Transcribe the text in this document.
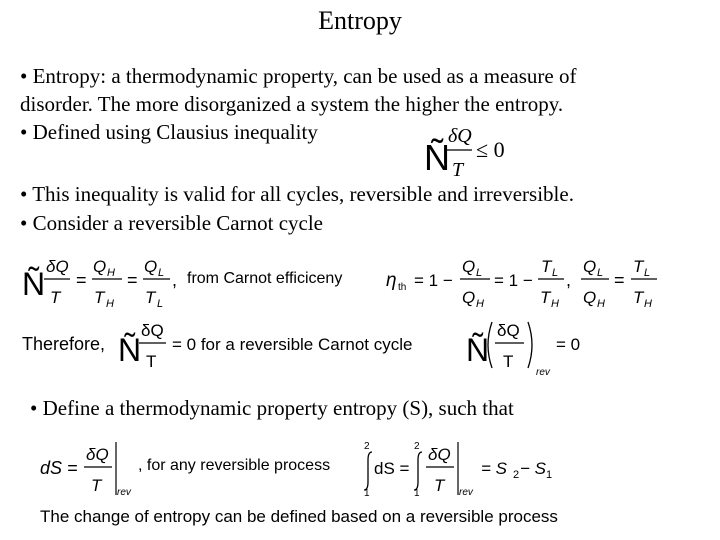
Entropy
• Entropy: a thermodynamic property, can be used as a measure of
disorder. The more disorganized a system the higher the entropy.
• Defined using Clausius inequality
• This inequality is valid for all cycles, reversible and irreversible.
• Consider a reversible Carnot cycle
• Define a thermodynamic property entropy (S), such that
Ñ
δQ
T
≤ 0
Ñ δQ
T
=
Q H
T H
=
Q L
T L
, from Carnot efficiceny η th = 1 −
Q L
Q H
= 1 −
T L
T H
,
Q L
Q H
=
T L
T H
Therefore, Ñ
δQ
T
= 0 for a reversible Carnot cycle Ñ
δQ
T
rev
= 0
dS =
δQ
T rev
, for any reversible process
2
1
dS =
2
1
δQ
T rev
= S 2 − S 1
The change of entropy can be defined based on a reversible process
